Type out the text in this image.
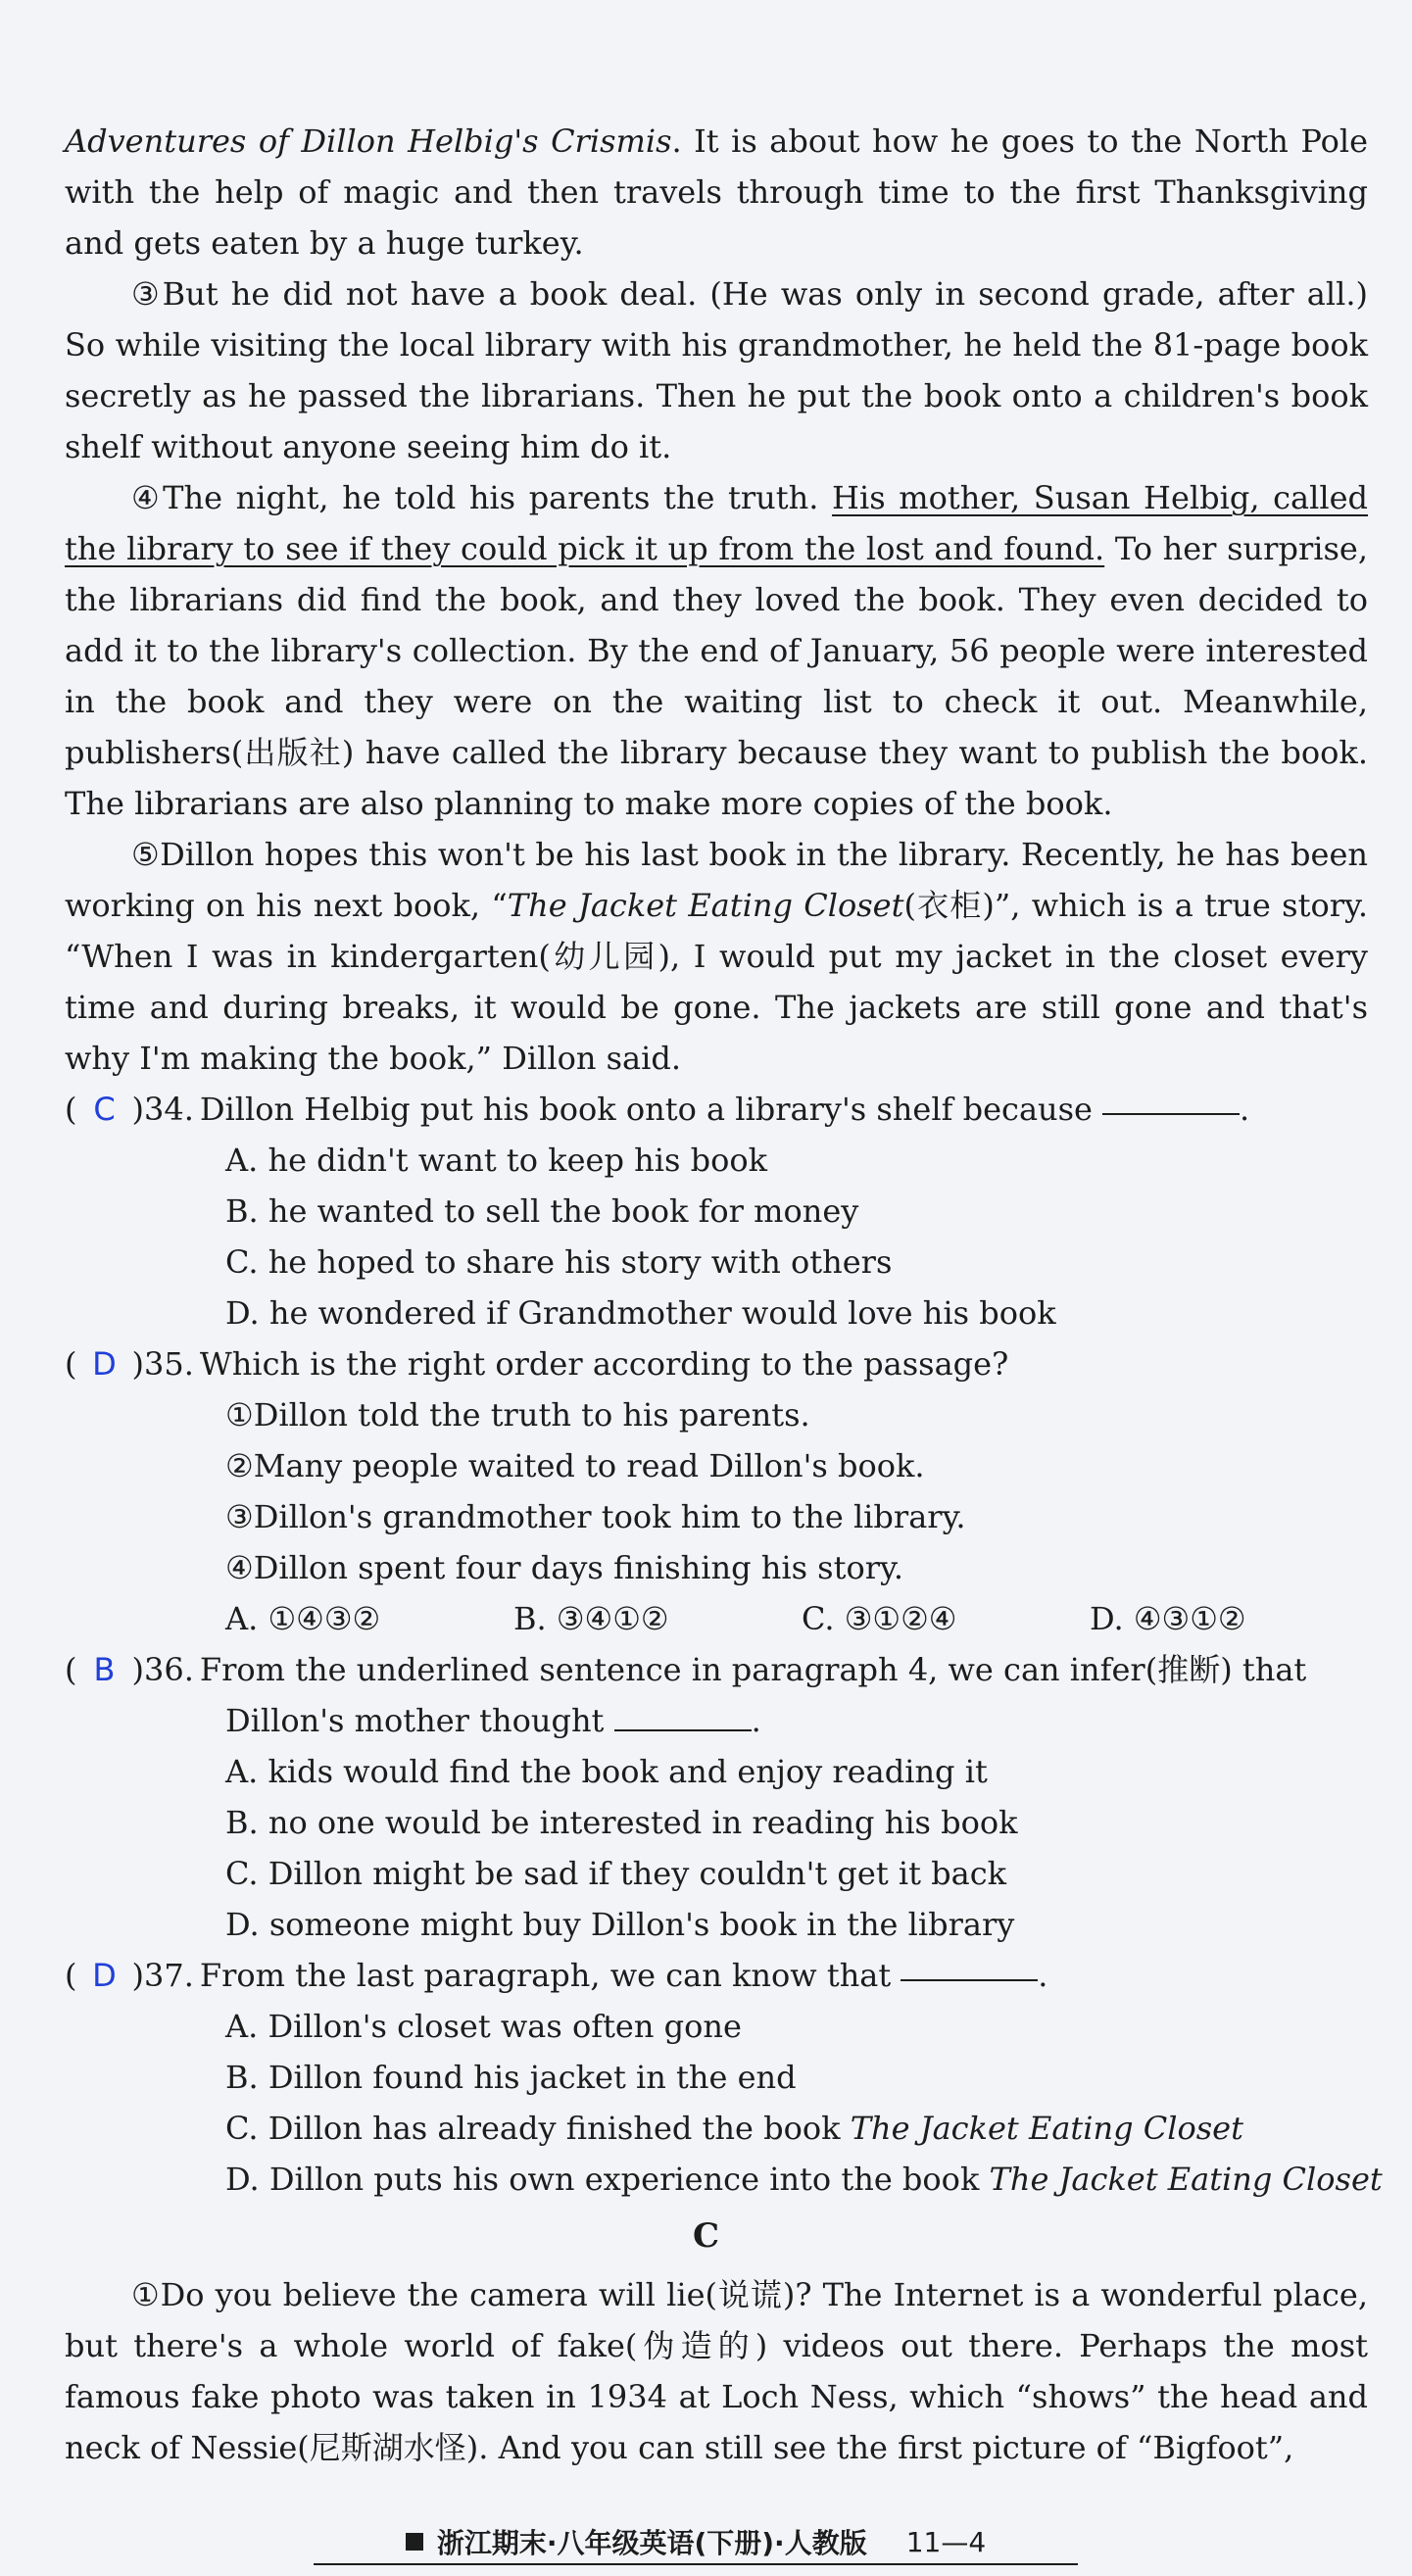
Adventures of Dillon Helbig's Crismis. It is about how he goes to the North Pole with the help of magic and then travels through time to the first Thanksgiving and gets eaten by a huge turkey.

③But he did not have a book deal. (He was only in second grade, after all.) So while visiting the local library with his grandmother, he held the 81-page book secretly as he passed the librarians. Then he put the book onto a children's book shelf without anyone seeing him do it.

④The night, he told his parents the truth. His mother, Susan Helbig, called the library to see if they could pick it up from the lost and found. To her surprise, the librarians did find the book, and they loved the book. They even decided to add it to the library's collection. By the end of January, 56 people were interested in the book and they were on the waiting list to check it out. Meanwhile, publishers(出版社) have called the library because they want to publish the book. The librarians are also planning to make more copies of the book.

⑤Dillon hopes this won't be his last book in the library. Recently, he has been working on his next book, “The Jacket Eating Closet(衣柜)”, which is a true story. “When I was in kindergarten(幼儿园), I would put my jacket in the closet every time and during breaks, it would be gone. The jackets are still gone and that's why I'm making the book,” Dillon said.

( C )34. Dillon Helbig put his book onto a library's shelf because	.
A. he didn't want to keep his book
B. he wanted to sell the book for money
C. he hoped to share his story with others
D. he wondered if Grandmother would love his book
( D )35. Which is the right order according to the passage?
①Dillon told the truth to his parents.
②Many people waited to read Dillon's book.
③Dillon's grandmother took him to the library.
④Dillon spent four days finishing his story.
A. ①④③②	B. ③④①②	C. ③①②④	D. ④③①②
( B )36. From the underlined sentence in paragraph 4, we can infer(推断) that
Dillon's mother thought	.
A. kids would find the book and enjoy reading it
B. no one would be interested in reading his book
C. Dillon might be sad if they couldn't get it back
D. someone might buy Dillon's book in the library
( D )37. From the last paragraph, we can know that	.
A. Dillon's closet was often gone
B. Dillon found his jacket in the end
C. Dillon has already finished the book The Jacket Eating Closet
D. Dillon puts his own experience into the book The Jacket Eating Closet
C

①Do you believe the camera will lie(说谎)? The Internet is a wonderful place, but there's a whole world of fake(伪造的) videos out there. Perhaps the most famous fake photo was taken in 1934 at Loch Ness, which “shows” the head and neck of Nessie(尼斯湖水怪). And you can still see the first picture of “Bigfoot”,

浙江期末·八年级英语(下册)·人教版 11—4
